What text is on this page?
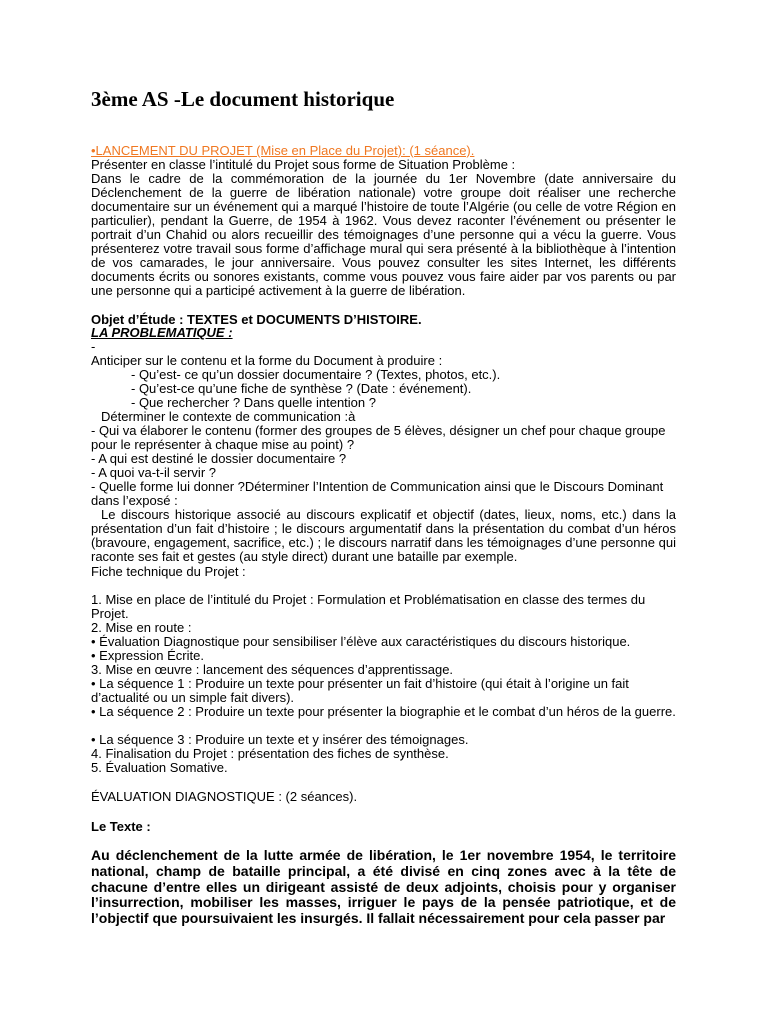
3ème AS -Le document historique
•LANCEMENT DU PROJET (Mise en Place du Projet): (1 séance).
Présenter en classe l’intitulé du Projet sous forme de Situation Problème :
Dans le cadre de la commémoration de la journée du 1er Novembre (date anniversaire du Déclenchement de la guerre de libération nationale) votre groupe doit réaliser une recherche documentaire sur un événement qui a marqué l’histoire de toute l’Algérie (ou celle de votre Région en particulier), pendant la Guerre, de 1954 à 1962. Vous devez raconter l’événement ou présenter le portrait d’un Chahid ou alors recueillir des témoignages d’une personne qui a vécu la guerre. Vous présenterez votre travail sous forme d’affichage mural qui sera présenté à la bibliothèque à l’intention de vos camarades, le jour anniversaire. Vous pouvez consulter les sites Internet, les différents documents écrits ou sonores existants, comme vous pouvez vous faire aider par vos parents ou par une personne qui a participé activement à la guerre de libération.
Objet d’Étude : TEXTES et DOCUMENTS D’HISTOIRE.
LA PROBLEMATIQUE :
-
Anticiper sur le contenu et la forme du Document à produire :
- Qu’est- ce qu’un dossier documentaire ? (Textes, photos, etc.).
- Qu’est-ce qu’une fiche de synthèse ? (Date : événement).
- Que rechercher ? Dans quelle intention ?
Déterminer le contexte de communication :à
- Qui va élaborer le contenu (former des groupes de 5 élèves, désigner un chef pour chaque groupe pour le représenter à chaque mise au point) ?
- A qui est destiné le dossier documentaire ?
- A quoi va-t-il servir ?
- Quelle forme lui donner ?Déterminer l’Intention de Communication ainsi que le Discours Dominant dans l’exposé :
Le discours historique associé au discours explicatif et objectif (dates, lieux, noms, etc.) dans la présentation d’un fait d’histoire ; le discours argumentatif dans la présentation du combat d’un héros (bravoure, engagement, sacrifice, etc.) ; le discours narratif dans les témoignages d’une personne qui raconte ses fait et gestes (au style direct) durant une bataille par exemple.
Fiche technique du Projet :
1. Mise en place de l’intitulé du Projet : Formulation et Problématisation en classe des termes du Projet.
2. Mise en route :
• Évaluation Diagnostique pour sensibiliser l’élève aux caractéristiques du discours historique.
• Expression Écrite.
3. Mise en œuvre : lancement des séquences d’apprentissage.
• La séquence 1 : Produire un texte pour présenter un fait d’histoire (qui était à l’origine un fait d’actualité ou un simple fait divers).
• La séquence 2 : Produire un texte pour présenter la biographie et le combat d’un héros de la guerre.
• La séquence 3 : Produire un texte et y insérer des témoignages.
4. Finalisation du Projet : présentation des fiches de synthèse.
5. Évaluation Somative.
ÉVALUATION DIAGNOSTIQUE : (2 séances).
Le Texte :
Au déclenchement de la lutte armée de libération, le 1er novembre 1954, le territoire national, champ de bataille principal, a été divisé en cinq zones avec à la tête de chacune d’entre elles un dirigeant assisté de deux adjoints, choisis pour y organiser l’insurrection, mobiliser les masses, irriguer le pays de la pensée patriotique, et de l’objectif que poursuivaient les insurgés. Il fallait nécessairement pour cela passer par
